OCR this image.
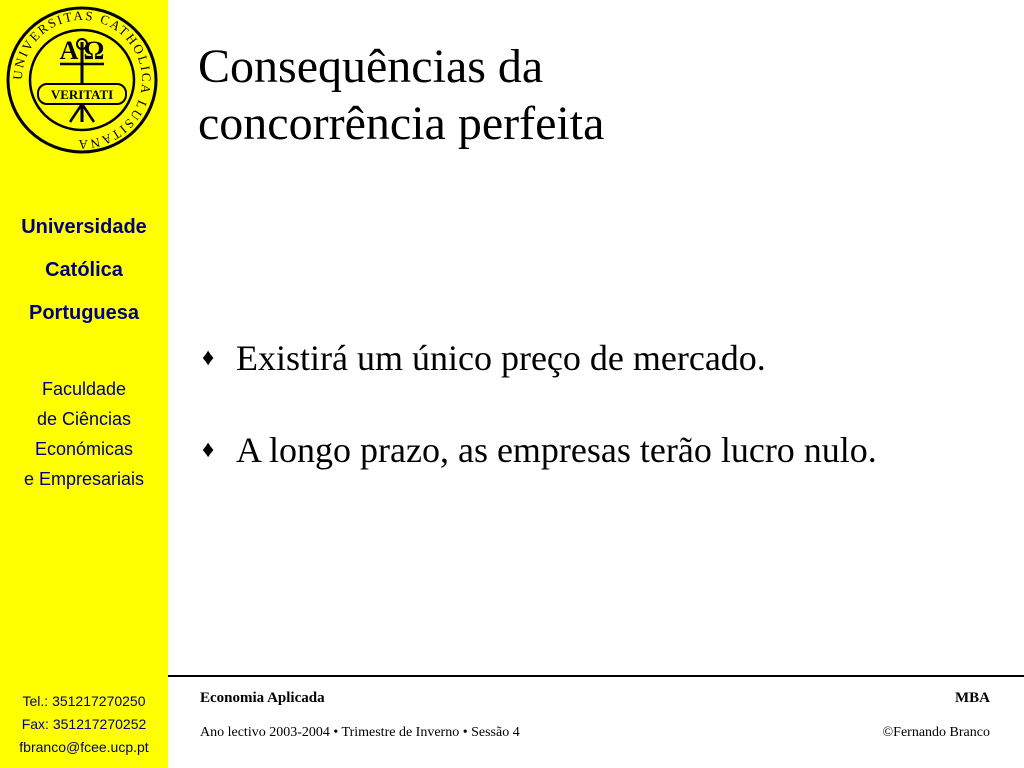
UNIVERSITAS CATHOLICA LUSITANA
A Ω
VERITATI
Universidade
Católica
Portuguesa
Faculdade
de Ciências
Económicas
e Empresariais
Tel.: 351217270250
Fax: 351217270252
fbranco@fcee.ucp.pt
Consequências da
concorrência perfeita
♦ Existirá um único preço de mercado.
♦ A longo prazo, as empresas terão lucro nulo.
Economia Aplicada	MBA
Ano lectivo 2003-2004 • Trimestre de Inverno • Sessão 4	©Fernando Branco
